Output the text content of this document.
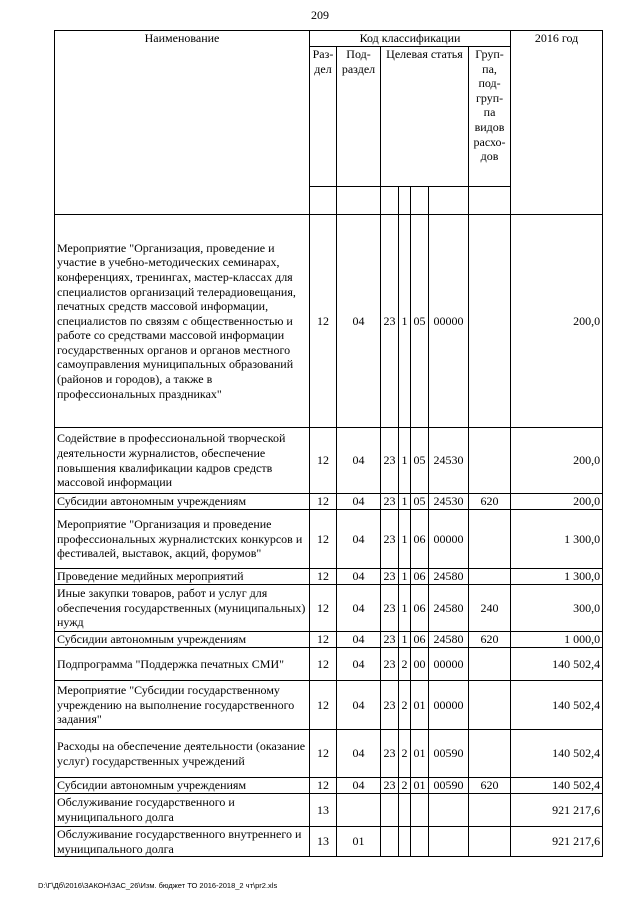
209
Наименование	Код классификации							2016 год
	Раз- дел	Под- раздел	Целевая статья				Груп- па, под- груп- па видов расхо- дов	

Мероприятие "Организация, проведение и участие в учебно-методических семинарах, конференциях, тренингах, мастер-классах для специалистов организаций телерадиовещания, печатных средств массовой информации, специалистов по связям с общественностью и работе со средствами массовой информации государственных органов и органов местного самоуправления муниципальных образований (районов и городов), а также в профессиональных праздниках"	12	04	23	1	05	00000		200,0
Содействие в профессиональной творческой деятельности журналистов, обеспечение повышения квалификации кадров средств массовой информации	12	04	23	1	05	24530		200,0
Субсидии автономным учреждениям	12	04	23	1	05	24530	620	200,0
Мероприятие "Организация и проведение профессиональных журналистских конкурсов и фестивалей, выставок, акций, форумов"	12	04	23	1	06	00000		1 300,0
Проведение медийных мероприятий	12	04	23	1	06	24580		1 300,0
Иные закупки товаров, работ и услуг для обеспечения государственных (муниципальных) нужд	12	04	23	1	06	24580	240	300,0
Субсидии автономным учреждениям	12	04	23	1	06	24580	620	1 000,0
Подпрограмма "Поддержка печатных СМИ"	12	04	23	2	00	00000		140 502,4
Мероприятие "Субсидии государственному учреждению на выполнение государственного задания"	12	04	23	2	01	00000		140 502,4
Расходы на обеспечение деятельности (оказание услуг) государственных учреждений	12	04	23	2	01	00590		140 502,4
Субсидии автономным учреждениям	12	04	23	2	01	00590	620	140 502,4
Обслуживание государственного и муниципального долга	13							921 217,6
Обслуживание государственного внутреннего и муниципального долга	13	01						921 217,6
D:\Г\Дб\2016\ЗАКОН\ЗАС_26\Изм. бюджет ТО 2016-2018_2 чт\pr2.xls
